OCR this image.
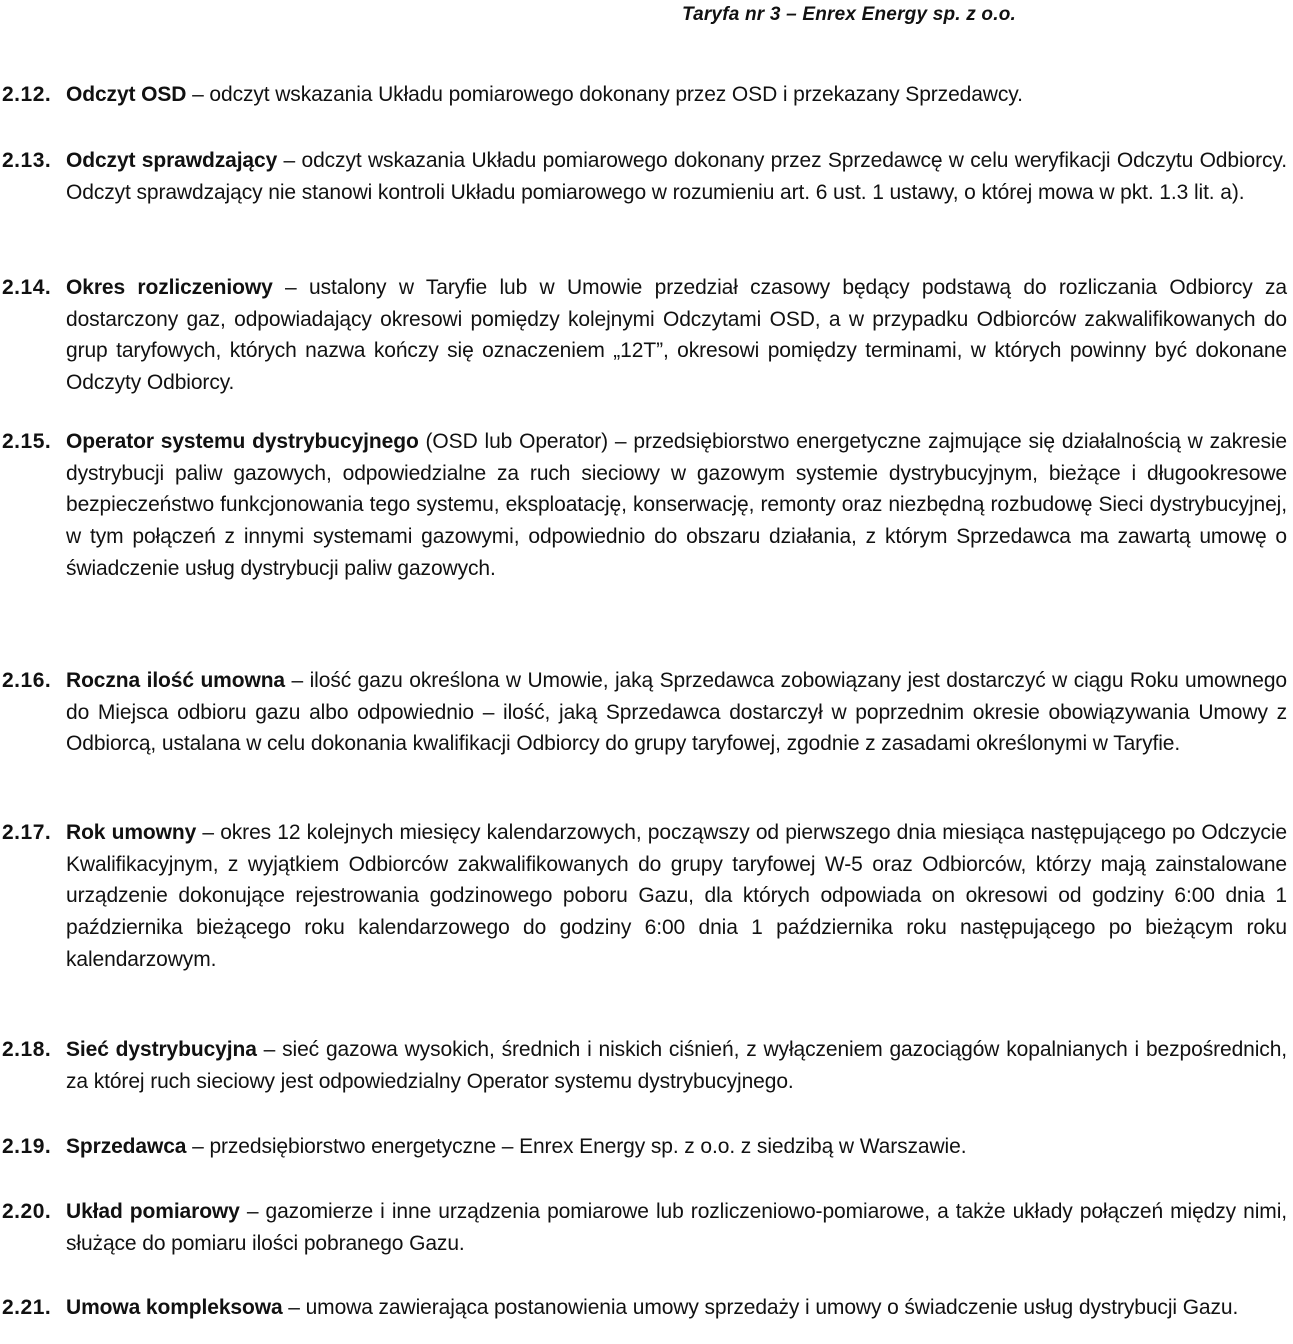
Taryfa nr 3 – Enrex Energy sp. z o.o.
2.12. Odczyt OSD – odczyt wskazania Układu pomiarowego dokonany przez OSD i przekazany Sprzedawcy.
2.13. Odczyt sprawdzający – odczyt wskazania Układu pomiarowego dokonany przez Sprzedawcę w celu weryfikacji Odczytu Odbiorcy. Odczyt sprawdzający nie stanowi kontroli Układu pomiarowego w rozumieniu art. 6 ust. 1 ustawy, o której mowa w pkt. 1.3 lit. a).
2.14. Okres rozliczeniowy – ustalony w Taryfie lub w Umowie przedział czasowy będący podstawą do rozliczania Odbiorcy za dostarczony gaz, odpowiadający okresowi pomiędzy kolejnymi Odczytami OSD, a w przypadku Odbiorców zakwalifikowanych do grup taryfowych, których nazwa kończy się oznaczeniem „12T”, okresowi pomiędzy terminami, w których powinny być dokonane Odczyty Odbiorcy.
2.15. Operator systemu dystrybucyjnego (OSD lub Operator) – przedsiębiorstwo energetyczne zajmujące się działalnością w zakresie dystrybucji paliw gazowych, odpowiedzialne za ruch sieciowy w gazowym systemie dystrybucyjnym, bieżące i długookresowe bezpieczeństwo funkcjonowania tego systemu, eksploatację, konserwację, remonty oraz niezbędną rozbudowę Sieci dystrybucyjnej, w tym połączeń z innymi systemami gazowymi, odpowiednio do obszaru działania, z którym Sprzedawca ma zawartą umowę o świadczenie usług dystrybucji paliw gazowych.
2.16. Roczna ilość umowna – ilość gazu określona w Umowie, jaką Sprzedawca zobowiązany jest dostarczyć w ciągu Roku umownego do Miejsca odbioru gazu albo odpowiednio – ilość, jaką Sprzedawca dostarczył w poprzednim okresie obowiązywania Umowy z Odbiorcą, ustalana w celu dokonania kwalifikacji Odbiorcy do grupy taryfowej, zgodnie z zasadami określonymi w Taryfie.
2.17. Rok umowny – okres 12 kolejnych miesięcy kalendarzowych, począwszy od pierwszego dnia miesiąca następującego po Odczycie Kwalifikacyjnym, z wyjątkiem Odbiorców zakwalifikowanych do grupy taryfowej W-5 oraz Odbiorców, którzy mają zainstalowane urządzenie dokonujące rejestrowania godzinowego poboru Gazu, dla których odpowiada on okresowi od godziny 6:00 dnia 1 października bieżącego roku kalendarzowego do godziny 6:00 dnia 1 października roku następującego po bieżącym roku kalendarzowym.
2.18. Sieć dystrybucyjna – sieć gazowa wysokich, średnich i niskich ciśnień, z wyłączeniem gazociągów kopalnianych i bezpośrednich, za której ruch sieciowy jest odpowiedzialny Operator systemu dystrybucyjnego.
2.19. Sprzedawca – przedsiębiorstwo energetyczne – Enrex Energy sp. z o.o. z siedzibą w Warszawie.
2.20. Układ pomiarowy – gazomierze i inne urządzenia pomiarowe lub rozliczeniowo-pomiarowe, a także układy połączeń między nimi, służące do pomiaru ilości pobranego Gazu.
2.21. Umowa kompleksowa – umowa zawierająca postanowienia umowy sprzedaży i umowy o świadczenie usług dystrybucji Gazu.
